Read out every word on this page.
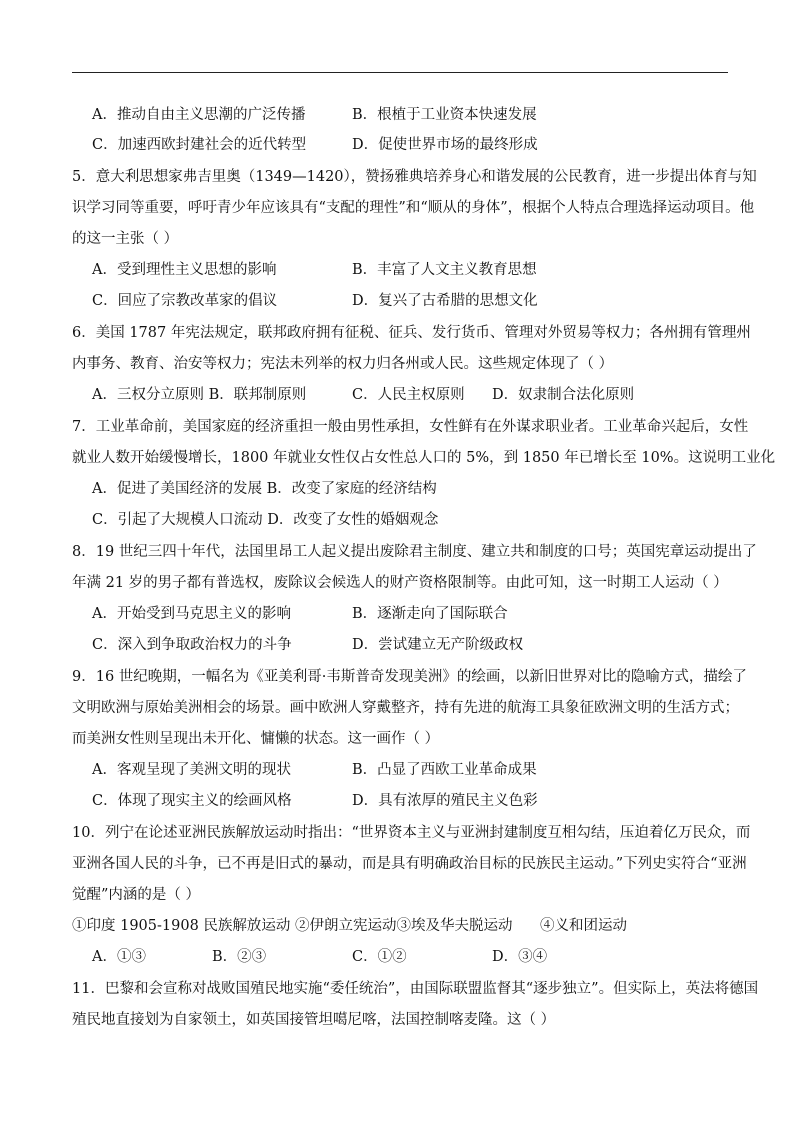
A．推动自由主义思潮的广泛传播	B．根植于工业资本快速发展
C．加速西欧封建社会的近代转型	D．促使世界市场的最终形成
5．意大利思想家弗吉里奥（1349—1420），赞扬雅典培养身心和谐发展的公民教育，进一步提出体育与知
识学习同等重要，呼吁青少年应该具有“支配的理性”和“顺从的身体”，根据个人特点合理选择运动项目。他
的这一主张（ ）
A．受到理性主义思想的影响	B．丰富了人文主义教育思想
C．回应了宗教改革家的倡议	D．复兴了古希腊的思想文化
6．美国 1787 年宪法规定，联邦政府拥有征税、征兵、发行货币、管理对外贸易等权力；各州拥有管理州
内事务、教育、治安等权力；宪法未列举的权力归各州或人民。这些规定体现了（ ）
A．三权分立原则 B．联邦制原则	C．人民主权原则 D．奴隶制合法化原则
7．工业革命前，美国家庭的经济重担一般由男性承担，女性鲜有在外谋求职业者。工业革命兴起后，女性
就业人数开始缓慢增长，1800 年就业女性仅占女性总人口的 5%，到 1850 年已增长至 10%。这说明工业化
A．促进了美国经济的发展 B．改变了家庭的经济结构
C．引起了大规模人口流动 D．改变了女性的婚姻观念
8．19 世纪三四十年代，法国里昂工人起义提出废除君主制度、建立共和制度的口号；英国宪章运动提出了
年满 21 岁的男子都有普选权，废除议会候选人的财产资格限制等。由此可知，这一时期工人运动（ ）
A．开始受到马克思主义的影响	B．逐渐走向了国际联合
C．深入到争取政治权力的斗争	D．尝试建立无产阶级政权
9．16 世纪晚期，一幅名为《亚美利哥·韦斯普奇发现美洲》的绘画，以新旧世界对比的隐喻方式，描绘了
文明欧洲与原始美洲相会的场景。画中欧洲人穿戴整齐，持有先进的航海工具象征欧洲文明的生活方式；
而美洲女性则呈现出未开化、慵懒的状态。这一画作（ ）
A．客观呈现了美洲文明的现状	B．凸显了西欧工业革命成果
C．体现了现实主义的绘画风格	D．具有浓厚的殖民主义色彩
10．列宁在论述亚洲民族解放运动时指出：“世界资本主义与亚洲封建制度互相勾结，压迫着亿万民众，而
亚洲各国人民的斗争，已不再是旧式的暴动，而是具有明确政治目标的民族民主运动。”下列史实符合“亚洲
觉醒”内涵的是（ ）
①印度 1905-1908 民族解放运动 ②伊朗立宪运动③埃及华夫脱运动 ④义和团运动
A．①③	B．②③	C．①②	D．③④
11．巴黎和会宣称对战败国殖民地实施“委任统治”，由国际联盟监督其“逐步独立”。但实际上，英法将德国
殖民地直接划为自家领土，如英国接管坦噶尼喀，法国控制喀麦隆。这（ ）
